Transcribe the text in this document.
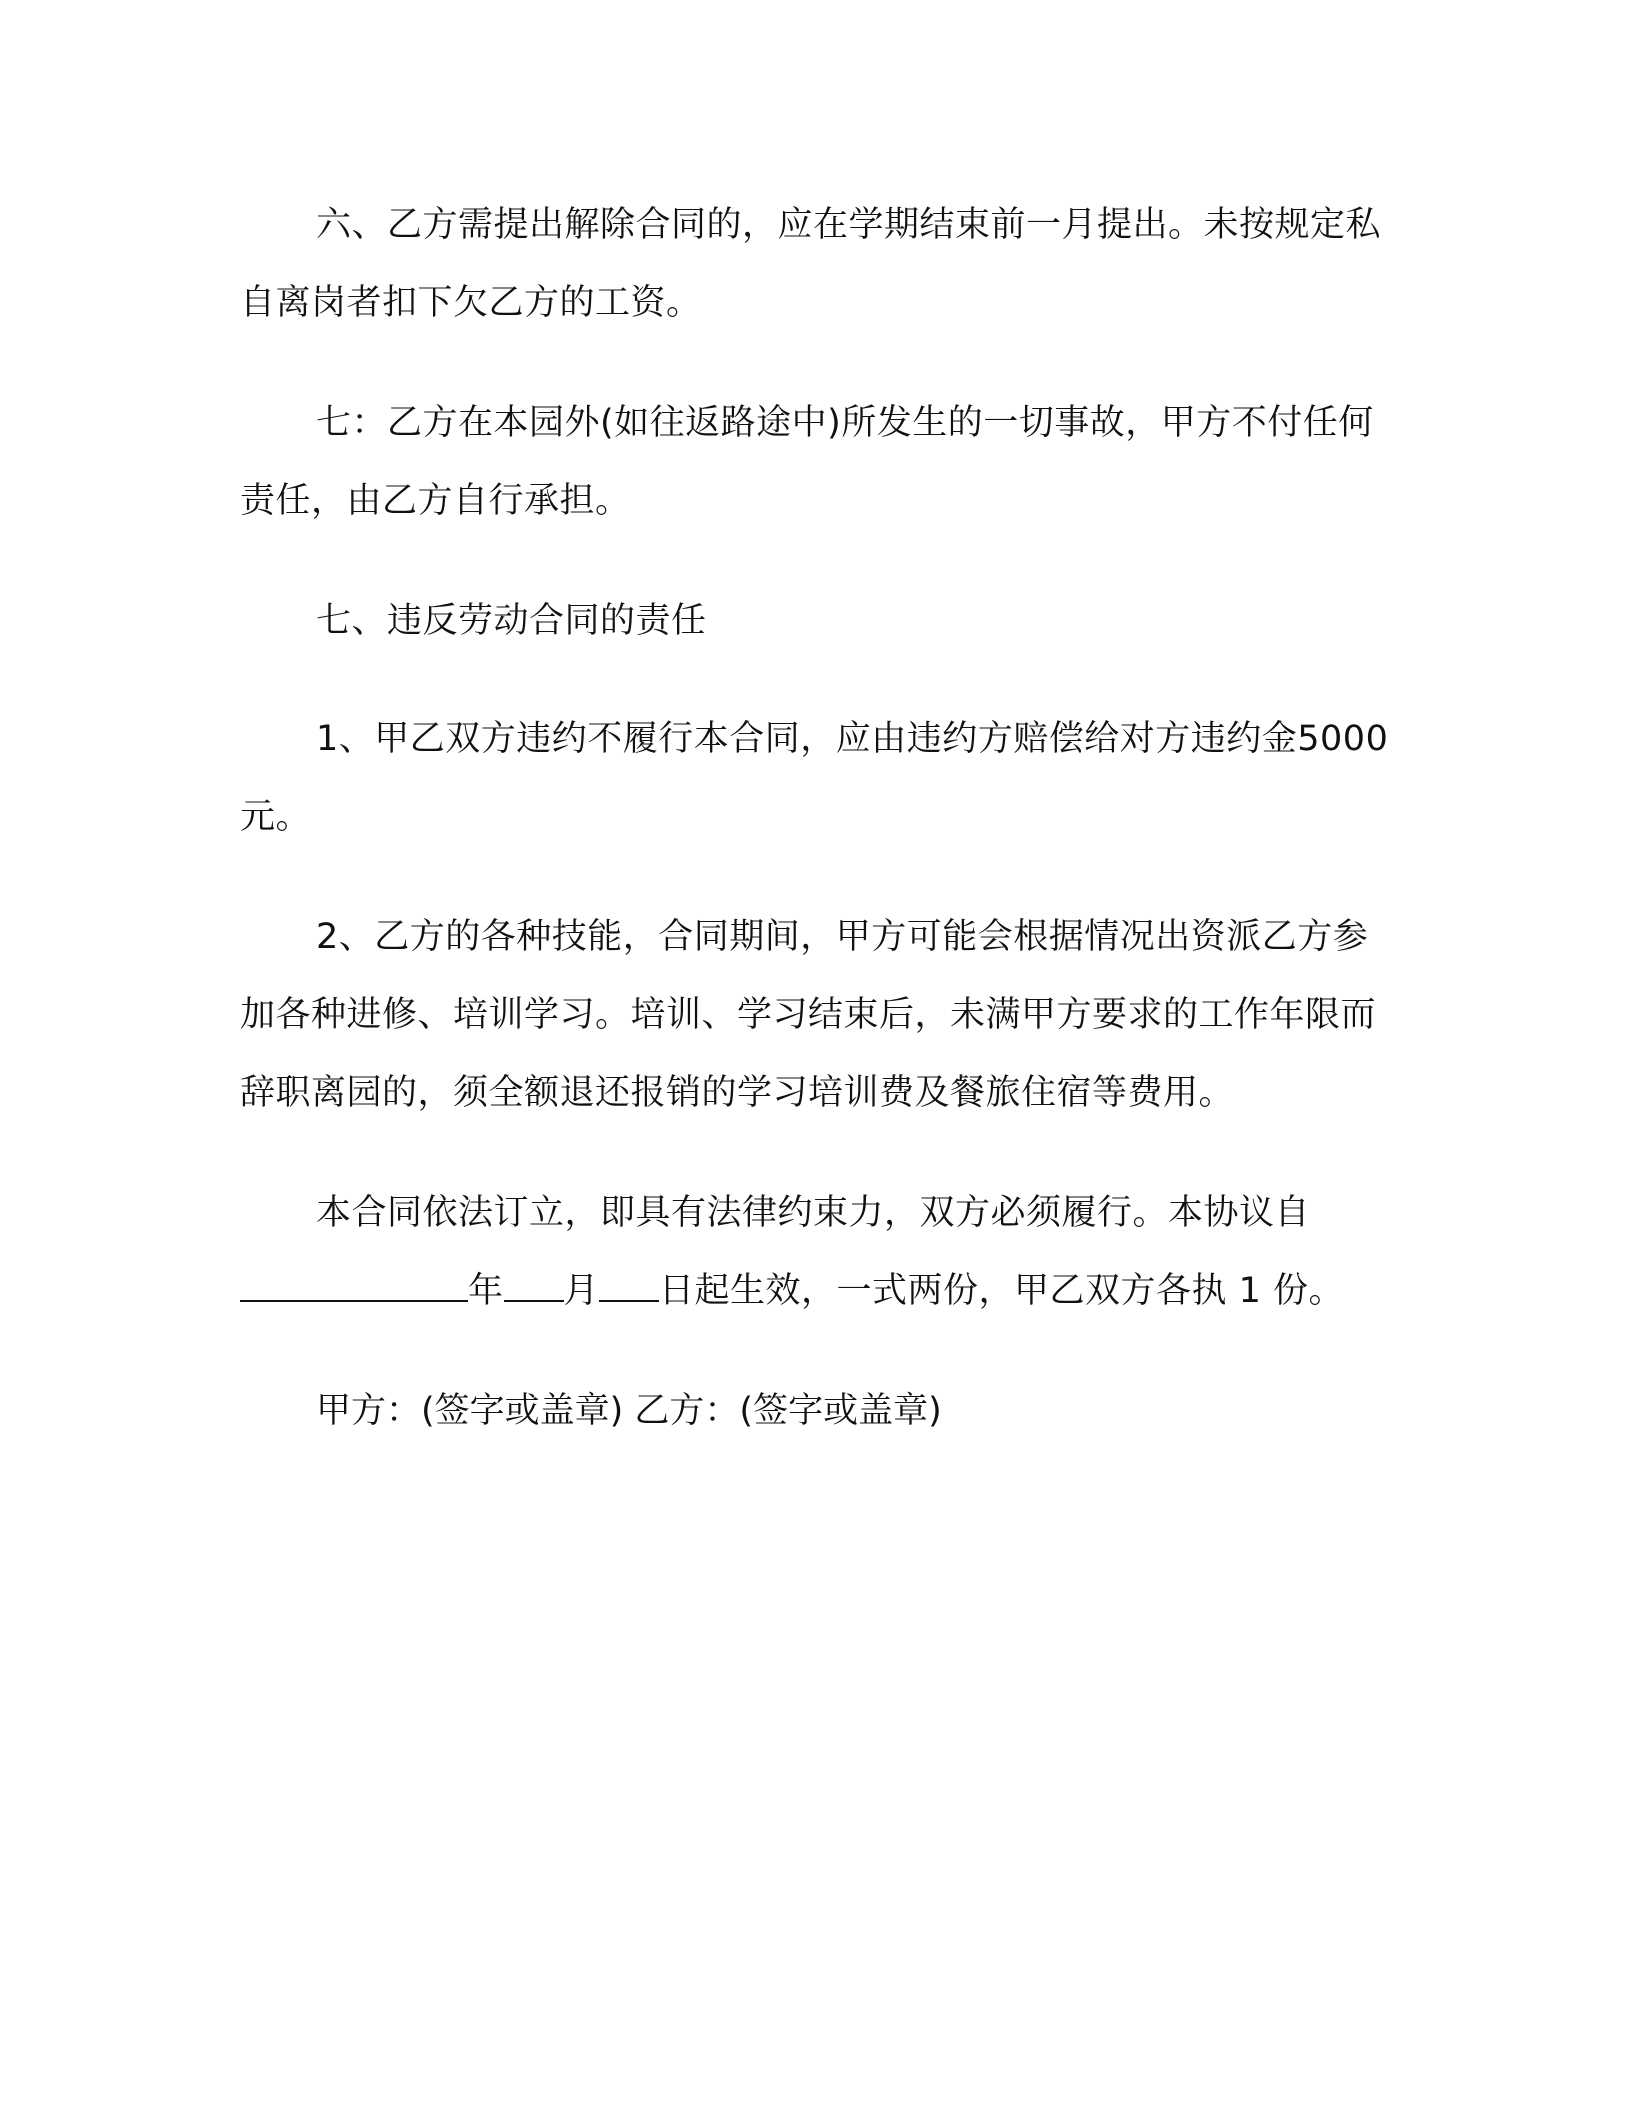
六、乙方需提出解除合同的，应在学期结束前一月提出。未按规定私自离岗者扣下欠乙方的工资。

七：乙方在本园外(如往返路途中)所发生的一切事故，甲方不付任何责任，由乙方自行承担。

七、违反劳动合同的责任

1、甲乙双方违约不履行本合同，应由违约方赔偿给对方违约金5000 元。

2、乙方的各种技能，合同期间，甲方可能会根据情况出资派乙方参加各种进修、培训学习。培训、学习结束后，未满甲方要求的工作年限而辞职离园的，须全额退还报销的学习培训费及餐旅住宿等费用。

本合同依法订立，即具有法律约束力，双方必须履行。本协议自年 月 日起生效，一式两份，甲乙双方各执 1 份。

甲方：(签字或盖章) 乙方：(签字或盖章)
